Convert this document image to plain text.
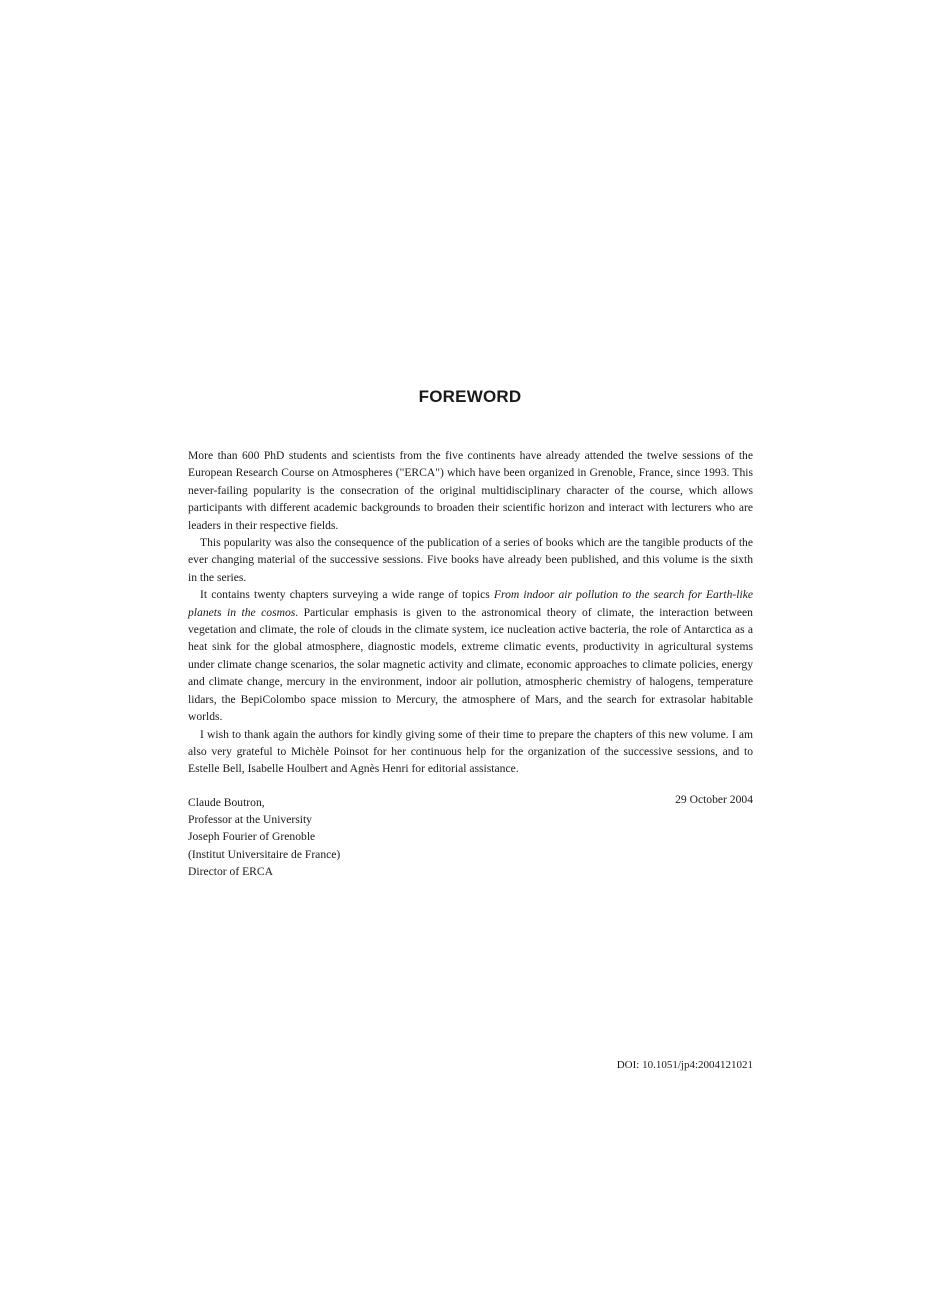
FOREWORD

More than 600 PhD students and scientists from the five continents have already attended the twelve sessions of the European Research Course on Atmospheres ("ERCA") which have been organized in Grenoble, France, since 1993. This never-failing popularity is the consecration of the original multidisciplinary character of the course, which allows participants with different academic backgrounds to broaden their scientific horizon and interact with lecturers who are leaders in their respective fields.

This popularity was also the consequence of the publication of a series of books which are the tangible products of the ever changing material of the successive sessions. Five books have already been published, and this volume is the sixth in the series.

It contains twenty chapters surveying a wide range of topics From indoor air pollution to the search for Earth-like planets in the cosmos. Particular emphasis is given to the astronomical theory of climate, the interaction between vegetation and climate, the role of clouds in the climate system, ice nucleation active bacteria, the role of Antarctica as a heat sink for the global atmosphere, diagnostic models, extreme climatic events, productivity in agricultural systems under climate change scenarios, the solar magnetic activity and climate, economic approaches to climate policies, energy and climate change, mercury in the environment, indoor air pollution, atmospheric chemistry of halogens, temperature lidars, the BepiColombo space mission to Mercury, the atmosphere of Mars, and the search for extrasolar habitable worlds.

I wish to thank again the authors for kindly giving some of their time to prepare the chapters of this new volume. I am also very grateful to Michèle Poinsot for her continuous help for the organization of the successive sessions, and to Estelle Bell, Isabelle Houlbert and Agnès Henri for editorial assistance.

Claude Boutron,
Professor at the University
Joseph Fourier of Grenoble
(Institut Universitaire de France)
Director of ERCA
29 October 2004
DOI: 10.1051/jp4:2004121021
